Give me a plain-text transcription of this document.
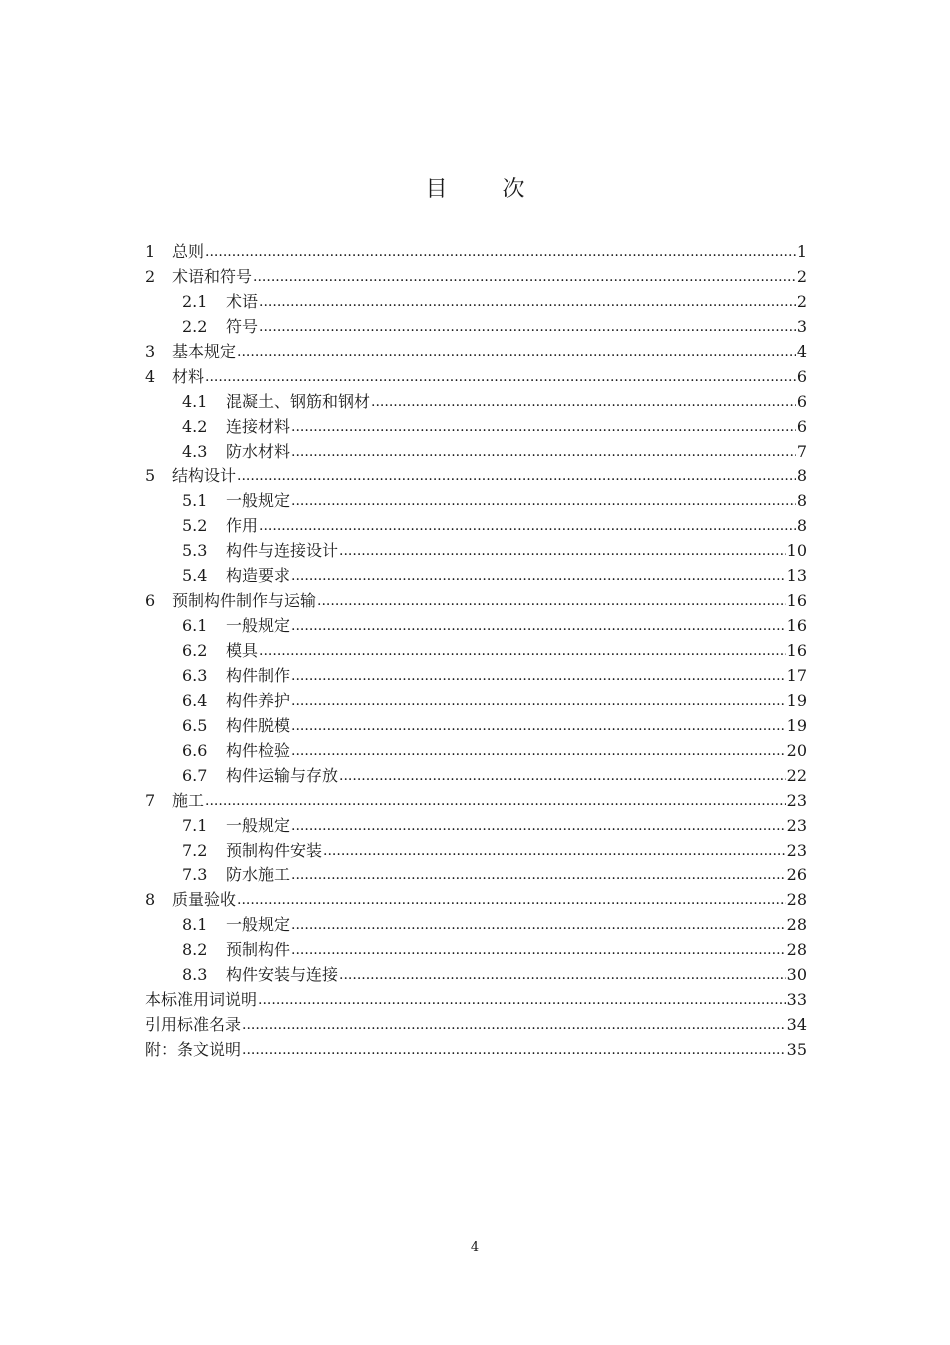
目 次
1	总则 .....	1
2	术语和符号 .....	2
2.1	术语 .....	2
2.2	符号 .....	3
3	基本规定 .....	4
4	材料 .....	6
4.1	混凝土、钢筋和钢材 .....	6
4.2	连接材料 .....	6
4.3	防水材料 .....	7
5	结构设计 .....	8
5.1	一般规定 .....	8
5.2	作用 .....	8
5.3	构件与连接设计 .....	10
5.4	构造要求 .....	13
6	预制构件制作与运输 .....	16
6.1	一般规定 .....	16
6.2	模具 .....	16
6.3	构件制作 .....	17
6.4	构件养护 .....	19
6.5	构件脱模 .....	19
6.6	构件检验 .....	20
6.7	构件运输与存放 .....	22
7	施工 .....	23
7.1	一般规定 .....	23
7.2	预制构件安装 .....	23
7.3	防水施工 .....	26
8	质量验收 .....	28
8.1	一般规定 .....	28
8.2	预制构件 .....	28
8.3	构件安装与连接 .....	30
本标准用词说明 .....	33
引用标准名录 .....	34
附：条文说明 .....	35
4
